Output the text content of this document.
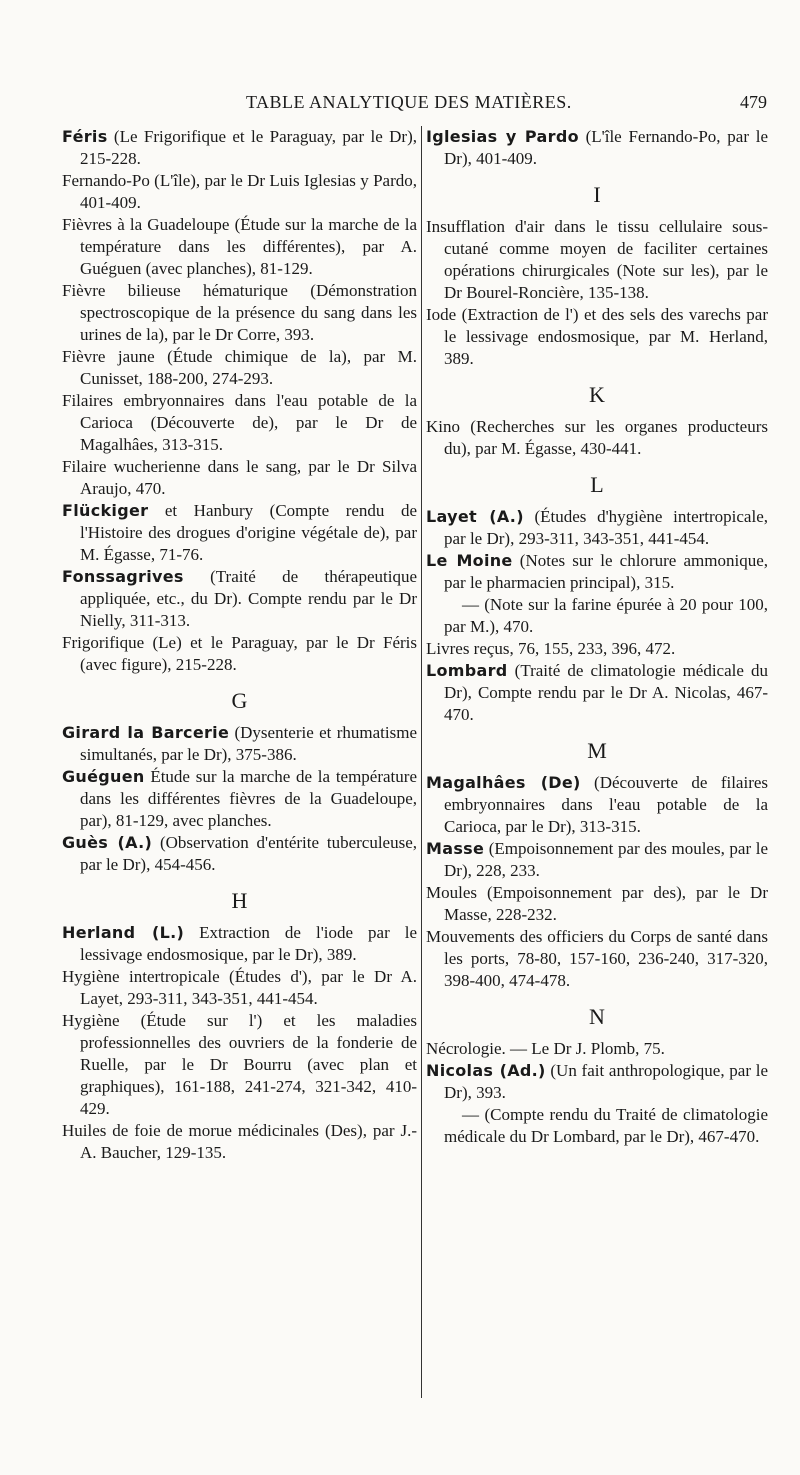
TABLE ANALYTIQUE DES MATIÈRES.	479
Féris (Le Frigorifique et le Paraguay, par le Dr), 215-228.
Fernando-Po (L'île), par le Dr Luis Iglesias y Pardo, 401-409.
Fièvres à la Guadeloupe (Étude sur la marche de la température dans les différentes), par A. Guéguen (avec planches), 81-129.
Fièvre bilieuse hématurique (Démonstration spectroscopique de la présence du sang dans les urines de la), par le Dr Corre, 393.
Fièvre jaune (Étude chimique de la), par M. Cunisset, 188-200, 274-293.
Filaires embryonnaires dans l'eau potable de la Carioca (Découverte de), par le Dr de Magalhâes, 313-315.
Filaire wucherienne dans le sang, par le Dr Silva Araujo, 470.
Flückiger et Hanbury (Compte rendu de l'Histoire des drogues d'origine végétale de), par M. Égasse, 71-76.
Fonssagrives (Traité de thérapeutique appliquée, etc., du Dr). Compte rendu par le Dr Nielly, 311-313.
Frigorifique (Le) et le Paraguay, par le Dr Féris (avec figure), 215-228.
G
Girard la Barcerie (Dysenterie et rhumatisme simultanés, par le Dr), 375-386.
Guéguen Étude sur la marche de la température dans les différentes fièvres de la Guadeloupe, par), 81-129, avec planches.
Guès (A.) (Observation d'entérite tuberculeuse, par le Dr), 454-456.
H
Herland (L.) Extraction de l'iode par le lessivage endosmosique, par le Dr), 389.
Hygiène intertropicale (Études d'), par le Dr A. Layet, 293-311, 343-351, 441-454.
Hygiène (Étude sur l') et les maladies professionnelles des ouvriers de la fonderie de Ruelle, par le Dr Bourru (avec plan et graphiques), 161-188, 241-274, 321-342, 410-429.
Huiles de foie de morue médicinales (Des), par J.-A. Baucher, 129-135.
Iglesias y Pardo (L'île Fernando-Po, par le Dr), 401-409.
I
Insufflation d'air dans le tissu cellulaire sous-cutané comme moyen de faciliter certaines opérations chirurgicales (Note sur les), par le Dr Bourel-Roncière, 135-138.
Iode (Extraction de l') et des sels des varechs par le lessivage endosmosique, par M. Herland, 389.
K
Kino (Recherches sur les organes producteurs du), par M. Égasse, 430-441.
L
Layet (A.) (Études d'hygiène intertropicale, par le Dr), 293-311, 343-351, 441-454.
Le Moine (Notes sur le chlorure ammonique, par le pharmacien principal), 315.
— (Note sur la farine épurée à 20 pour 100, par M.), 470.
Livres reçus, 76, 155, 233, 396, 472.
Lombard (Traité de climatologie médicale du Dr), Compte rendu par le Dr A. Nicolas, 467-470.
M
Magalhâes (De) (Découverte de filaires embryonnaires dans l'eau potable de la Carioca, par le Dr), 313-315.
Masse (Empoisonnement par des moules, par le Dr), 228, 233.
Moules (Empoisonnement par des), par le Dr Masse, 228-232.
Mouvements des officiers du Corps de santé dans les ports, 78-80, 157-160, 236-240, 317-320, 398-400, 474-478.
N
Nécrologie. — Le Dr J. Plomb, 75.
Nicolas (Ad.) (Un fait anthropologique, par le Dr), 393.
— (Compte rendu du Traité de climatologie médicale du Dr Lombard, par le Dr), 467-470.
